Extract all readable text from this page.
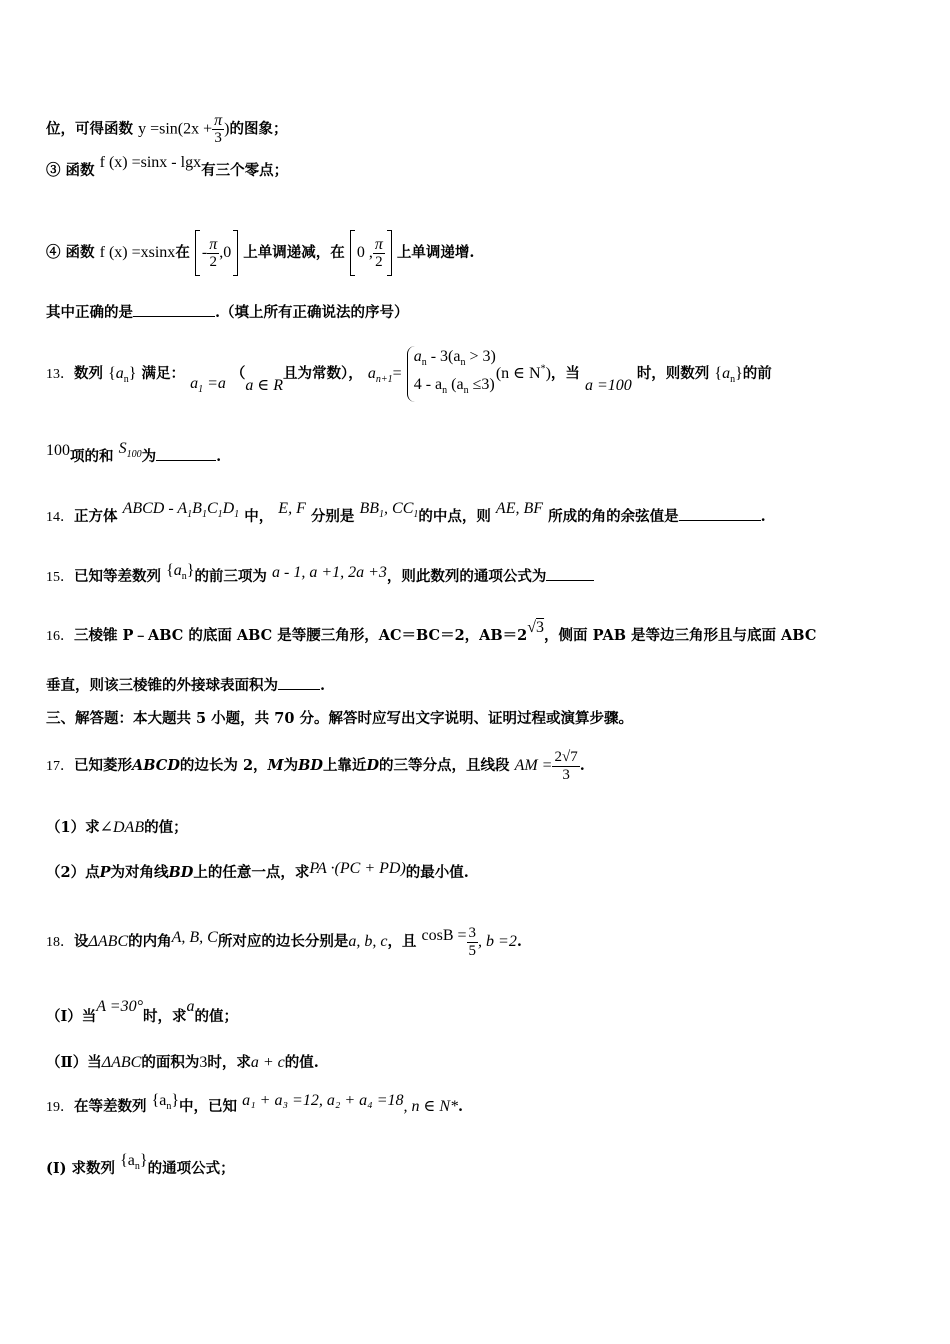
位，可得函数 $y =\sin(2x + \frac{\pi}{3}$ )的图象；
③ 函数 f (x) =sinx - lgx有三个零点；
④ 函数 f (x) =xsinx在 - $\frac{\pi}{2} ,0$ 上单调递减，在 0 , $\frac{\pi}{2}$ 上单调递增.
其中正确的是	.（填上所有正确说法的序号）
13．数列 $\{a_n\}$ 满足： $a_1 =a$ （a ∈ R且为常数）， $a_{n+1}=$
$a_n - 3(a_n > 3)$
$4 - a_n$ $(a_n \le 3)$
(n ∈ N*)，当 a =100 时，则数列 $\{a_n\}$的前
100项的和 $S_{100}$为	.
14．正方体 ABCD - $A_1B_1C_1D_1$ 中， E, F 分别是 $BB_1$, $CC_1$的中点，则 AE, BF 所成的角的余弦值是	.
15．已知等差数列 $\{a_n\}$的前三项为 a - 1, a +1, 2a +3，则此数列的通项公式为
16．三棱锥 P﹣ABC 的底面 ABC 是等腰三角形，AC＝BC＝2，AB＝2√3，侧面 PAB 是等边三角形且与底面 ABC
垂直，则该三棱锥的外接球表面积为	.
三、解答题：本大题共 5 小题，共 70 分。解答时应写出文字说明、证明过程或演算步骤。
17．已知菱形ABCD的边长为 2，M为BD上靠近D的三等分点，且线段 AM = $\frac{2√7}{3}$ .
（1）求∠DAB的值；
（2）点P为对角线BD上的任意一点，求PA ·(PC + PD)的最小值.
18．设ΔABC的内角A, B, C所对应的边长分别是a, b, c，且 $\cos B = \frac{3}{5}$ , b =2.
（Ⅰ）当A =30°时，求a的值；
（Ⅱ）当ΔABC的面积为3时，求a + c的值.
19．在等差数列 $\{a_n\}$中，已知 a₁ + a₃ =12, a₂ + a₄ =18, n ∈ N*.
(Ⅰ) 求数列 $\{a_n\}$的通项公式；
